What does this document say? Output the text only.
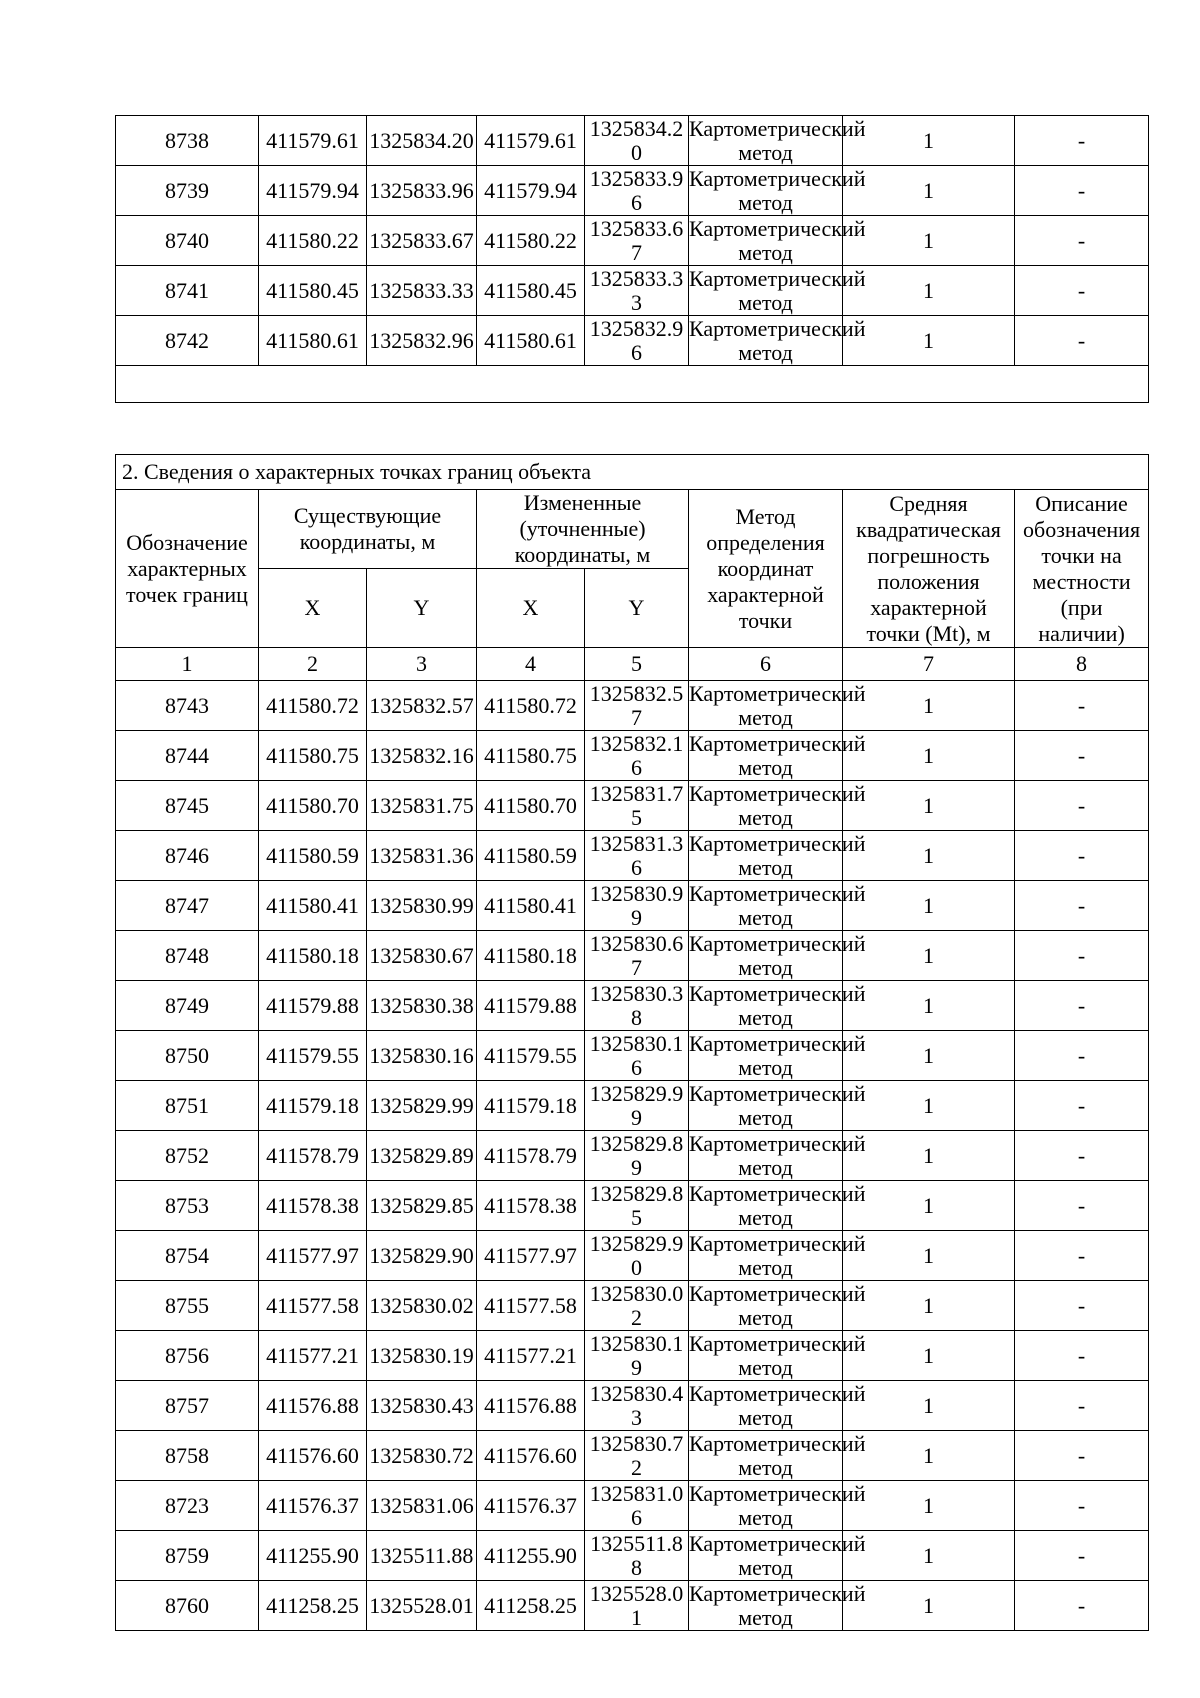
8738	411579.61	1325834.20	411579.61	1325834.20	Картометрический метод	1	-
8739	411579.94	1325833.96	411579.94	1325833.96	Картометрический метод	1	-
8740	411580.22	1325833.67	411580.22	1325833.67	Картометрический метод	1	-
8741	411580.45	1325833.33	411580.45	1325833.33	Картометрический метод	1	-
8742	411580.61	1325832.96	411580.61	1325832.96	Картометрический метод	1	-

2. Сведения о характерных точках границ объекта							
Обозначение характерных точек границ	Существующие координаты, м		Измененные (уточненные) координаты, м		Метод определения координат характерной точки	Средняя квадратическая погрешность положения характерной точки (Mt), м	Описание обозначения точки на местности (при наличии)
	X	Y	X	Y			
1	2	3	4	5	6	7	8
8743	411580.72	1325832.57	411580.72	1325832.57	Картометрический метод	1	-
8744	411580.75	1325832.16	411580.75	1325832.16	Картометрический метод	1	-
8745	411580.70	1325831.75	411580.70	1325831.75	Картометрический метод	1	-
8746	411580.59	1325831.36	411580.59	1325831.36	Картометрический метод	1	-
8747	411580.41	1325830.99	411580.41	1325830.99	Картометрический метод	1	-
8748	411580.18	1325830.67	411580.18	1325830.67	Картометрический метод	1	-
8749	411579.88	1325830.38	411579.88	1325830.38	Картометрический метод	1	-
8750	411579.55	1325830.16	411579.55	1325830.16	Картометрический метод	1	-
8751	411579.18	1325829.99	411579.18	1325829.99	Картометрический метод	1	-
8752	411578.79	1325829.89	411578.79	1325829.89	Картометрический метод	1	-
8753	411578.38	1325829.85	411578.38	1325829.85	Картометрический метод	1	-
8754	411577.97	1325829.90	411577.97	1325829.90	Картометрический метод	1	-
8755	411577.58	1325830.02	411577.58	1325830.02	Картометрический метод	1	-
8756	411577.21	1325830.19	411577.21	1325830.19	Картометрический метод	1	-
8757	411576.88	1325830.43	411576.88	1325830.43	Картометрический метод	1	-
8758	411576.60	1325830.72	411576.60	1325830.72	Картометрический метод	1	-
8723	411576.37	1325831.06	411576.37	1325831.06	Картометрический метод	1	-
8759	411255.90	1325511.88	411255.90	1325511.88	Картометрический метод	1	-
8760	411258.25	1325528.01	411258.25	1325528.01	Картометрический метод	1	-
